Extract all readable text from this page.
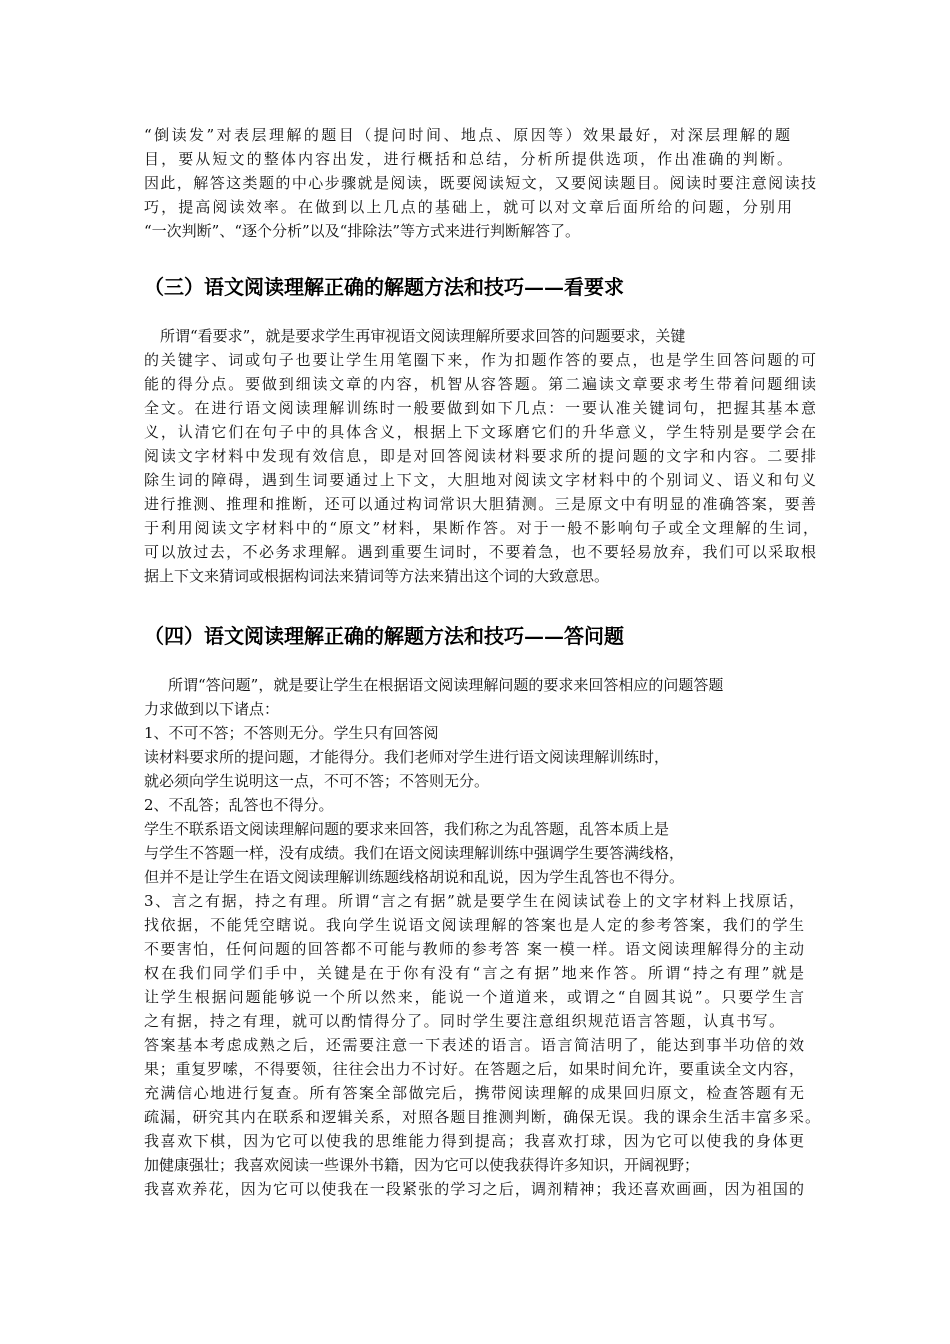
“倒读发”对表层理解的题目（提问时间、地点、原因等）效果最好，对深层理解的题
目，要从短文的整体内容出发，进行概括和总结，分析所提供选项，作出准确的判断。
因此，解答这类题的中心步骤就是阅读，既要阅读短文，又要阅读题目。阅读时要注意阅读技
巧，提高阅读效率。在做到以上几点的基础上，就可以对文章后面所给的问题，分别用
“一次判断”、“逐个分析”以及“排除法”等方式来进行判断解答了。
（三）语文阅读理解正确的解题方法和技巧——看要求
所谓“看要求”，就是要求学生再审视语文阅读理解所要求回答的问题要求，关键
的关键字、词或句子也要让学生用笔圈下来，作为扣题作答的要点，也是学生回答问题的可
能的得分点。要做到细读文章的内容，机智从容答题。第二遍读文章要求考生带着问题细读
全文。在进行语文阅读理解训练时一般要做到如下几点：一要认准关键词句，把握其基本意
义，认清它们在句子中的具体含义，根据上下文琢磨它们的升华意义，学生特别是要学会在
阅读文字材料中发现有效信息，即是对回答阅读材料要求所的提问题的文字和内容。二要排
除生词的障碍，遇到生词要通过上下文，大胆地对阅读文字材料中的个别词义、语义和句义
进行推测、推理和推断，还可以通过构词常识大胆猜测。三是原文中有明显的准确答案，要善
于利用阅读文字材料中的“原文”材料，果断作答。对于一般不影响句子或全文理解的生词，
可以放过去，不必务求理解。遇到重要生词时，不要着急，也不要轻易放弃，我们可以采取根
据上下文来猜词或根据构词法来猜词等方法来猜出这个词的大致意思。
（四）语文阅读理解正确的解题方法和技巧——答问题
所谓“答问题”，就是要让学生在根据语文阅读理解问题的要求来回答相应的问题答题
力求做到以下诸点：
1、不可不答；不答则无分。学生只有回答阅
读材料要求所的提问题，才能得分。我们老师对学生进行语文阅读理解训练时，
就必须向学生说明这一点，不可不答；不答则无分。
2、不乱答；乱答也不得分。
学生不联系语文阅读理解问题的要求来回答，我们称之为乱答题，乱答本质上是
与学生不答题一样，没有成绩。我们在语文阅读理解训练中强调学生要答满线格，
但并不是让学生在语文阅读理解训练题线格胡说和乱说，因为学生乱答也不得分。
3、言之有据，持之有理。所谓“言之有据”就是要学生在阅读试卷上的文字材料上找原话，
找依据，不能凭空瞎说。我向学生说语文阅读理解的答案也是人定的参考答案，我们的学生
不要害怕，任何问题的回答都不可能与教师的参考答 案一模一样。语文阅读理解得分的主动
权在我们同学们手中，关键是在于你有没有“言之有据”地来作答。所谓“持之有理”就是
让学生根据问题能够说一个所以然来，能说一个道道来，或谓之“自圆其说”。只要学生言
之有据，持之有理，就可以酌情得分了。同时学生要注意组织规范语言答题，认真书写。
答案基本考虑成熟之后，还需要注意一下表述的语言。语言简洁明了，能达到事半功倍的效
果；重复罗嗦，不得要领，往往会出力不讨好。在答题之后，如果时间允许，要重读全文内容，
充满信心地进行复查。所有答案全部做完后，携带阅读理解的成果回归原文，检查答题有无
疏漏，研究其内在联系和逻辑关系，对照各题目推测判断，确保无误。我的课余生活丰富多采。
我喜欢下棋，因为它可以使我的思维能力得到提高；我喜欢打球，因为它可以使我的身体更
加健康强壮；我喜欢阅读一些课外书籍，因为它可以使我获得许多知识，开阔视野；
我喜欢养花，因为它可以使我在一段紧张的学习之后，调剂精神；我还喜欢画画，因为祖国的
